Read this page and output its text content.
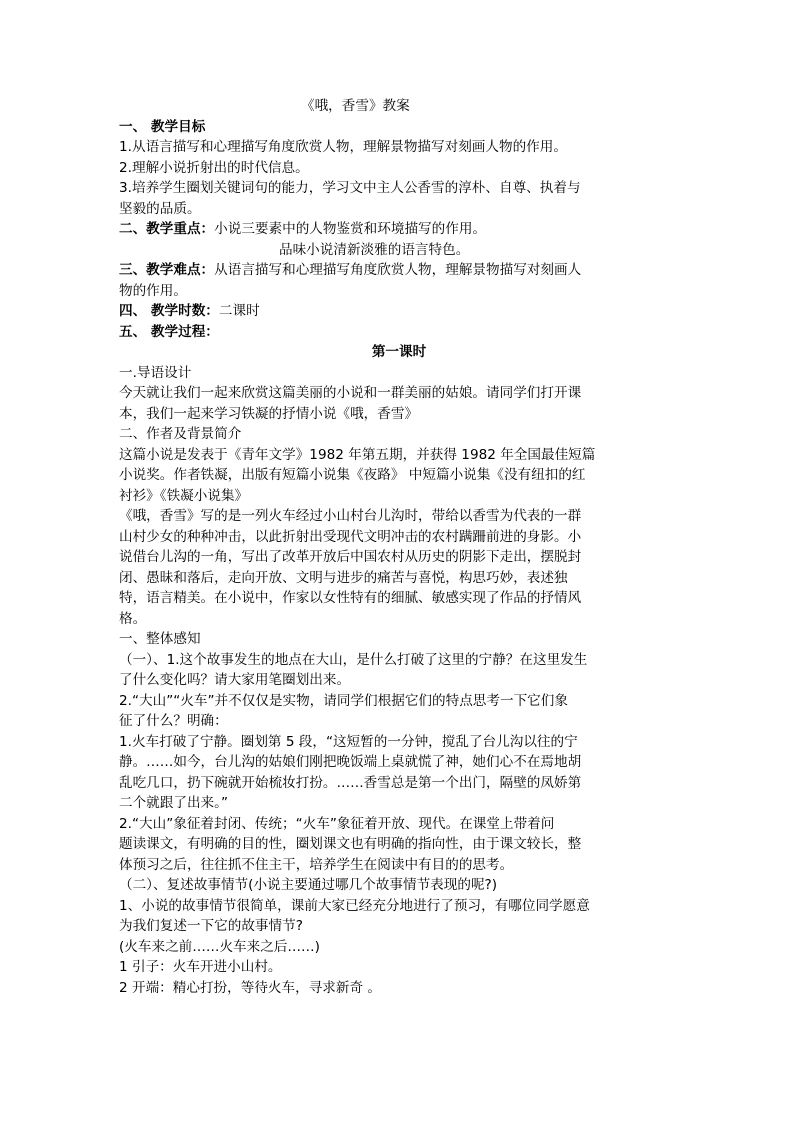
《哦，香雪》教案
一、 教学目标
1.从语言描写和心理描写角度欣赏人物，理解景物描写对刻画人物的作用。
2.理解小说折射出的时代信息。
3.培养学生圈划关键词句的能力，学习文中主人公香雪的淳朴、自尊、执着与
坚毅的品质。
二、教学重点：小说三要素中的人物鉴赏和环境描写的作用。
品味小说清新淡雅的语言特色。
三、教学难点：从语言描写和心理描写角度欣赏人物，理解景物描写对刻画人
物的作用。
四、 教学时数：二课时
五、 教学过程：
第一课时
一.导语设计
今天就让我们一起来欣赏这篇美丽的小说和一群美丽的姑娘。请同学们打开课
本，我们一起来学习铁凝的抒情小说《哦，香雪》
二、作者及背景简介
这篇小说是发表于《青年文学》1982 年第五期，并获得 1982 年全国最佳短篇
小说奖。作者铁凝，出版有短篇小说集《夜路》 中短篇小说集《没有纽扣的红
衬衫》《铁凝小说集》
《哦，香雪》写的是一列火车经过小山村台儿沟时，带给以香雪为代表的一群
山村少女的种种冲击，以此折射出受现代文明冲击的农村蹒跚前进的身影。小
说借台儿沟的一角，写出了改革开放后中国农村从历史的阴影下走出，摆脱封
闭、愚昧和落后，走向开放、文明与进步的痛苦与喜悦，构思巧妙，表述独
特，语言精美。在小说中，作家以女性特有的细腻、敏感实现了作品的抒情风
格。
一、整体感知
（一）、1.这个故事发生的地点在大山，是什么打破了这里的宁静？在这里发生
了什么变化吗？请大家用笔圈划出来。
2.“大山”“火车”并不仅仅是实物，请同学们根据它们的特点思考一下它们象
征了什么？明确：
1.火车打破了宁静。圈划第 5 段，“这短暂的一分钟，搅乱了台儿沟以往的宁
静。……如今，台儿沟的姑娘们刚把晚饭端上桌就慌了神，她们心不在焉地胡
乱吃几口，扔下碗就开始梳妆打扮。……香雪总是第一个出门，隔壁的凤娇第
二个就跟了出来。”
2.“大山”象征着封闭、传统；“火车”象征着开放、现代。在课堂上带着问
题读课文，有明确的目的性，圈划课文也有明确的指向性，由于课文较长，整
体预习之后，往往抓不住主干，培养学生在阅读中有目的的思考。
（二）、复述故事情节(小说主要通过哪几个故事情节表现的呢?)
1、小说的故事情节很简单，课前大家已经充分地进行了预习，有哪位同学愿意
为我们复述一下它的故事情节?
(火车来之前……火车来之后……)
1 引子：火车开进小山村。
2 开端：精心打扮，等待火车，寻求新奇 。
